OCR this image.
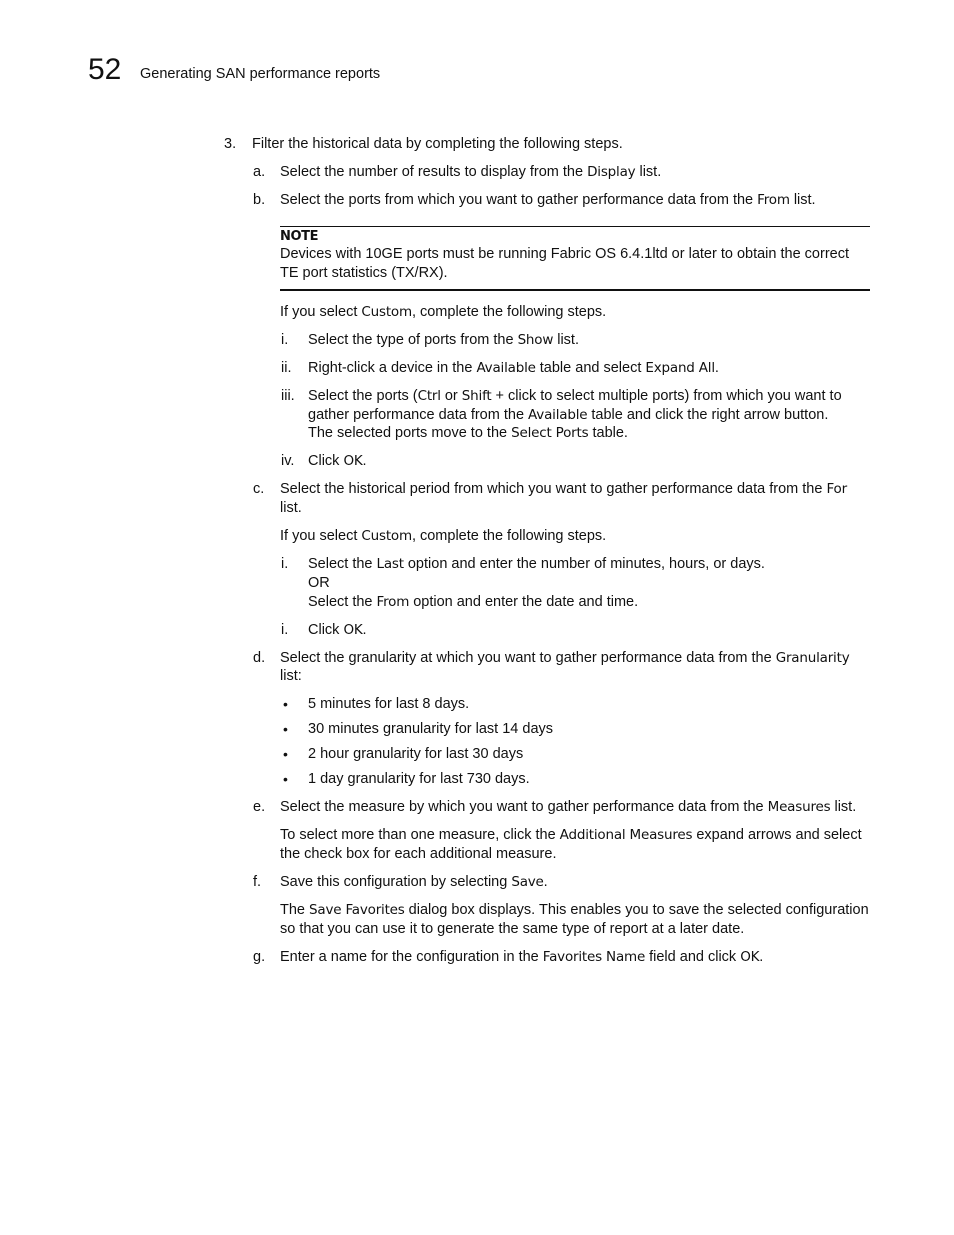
52 Generating SAN performance reports
3. Filter the historical data by completing the following steps.
a. Select the number of results to display from the Display list.
b. Select the ports from which you want to gather performance data from the From list.
NOTE
Devices with 10GE ports must be running Fabric OS 6.4.1ltd or later to obtain the correct
TE port statistics (TX/RX).
If you select Custom, complete the following steps.
i. Select the type of ports from the Show list.
ii. Right-click a device in the Available table and select Expand All.
iii. Select the ports (Ctrl or Shift + click to select multiple ports) from which you want to
gather performance data from the Available table and click the right arrow button.
The selected ports move to the Select Ports table.
iv. Click OK.
c. Select the historical period from which you want to gather performance data from the For
list.
If you select Custom, complete the following steps.
i. Select the Last option and enter the number of minutes, hours, or days.
OR
Select the From option and enter the date and time.
i. Click OK.
d. Select the granularity at which you want to gather performance data from the Granularity
list:
• 5 minutes for last 8 days.
• 30 minutes granularity for last 14 days
• 2 hour granularity for last 30 days
• 1 day granularity for last 730 days.
e. Select the measure by which you want to gather performance data from the Measures list.
To select more than one measure, click the Additional Measures expand arrows and select
the check box for each additional measure.
f. Save this configuration by selecting Save.
The Save Favorites dialog box displays. This enables you to save the selected configuration
so that you can use it to generate the same type of report at a later date.
g. Enter a name for the configuration in the Favorites Name field and click OK.
